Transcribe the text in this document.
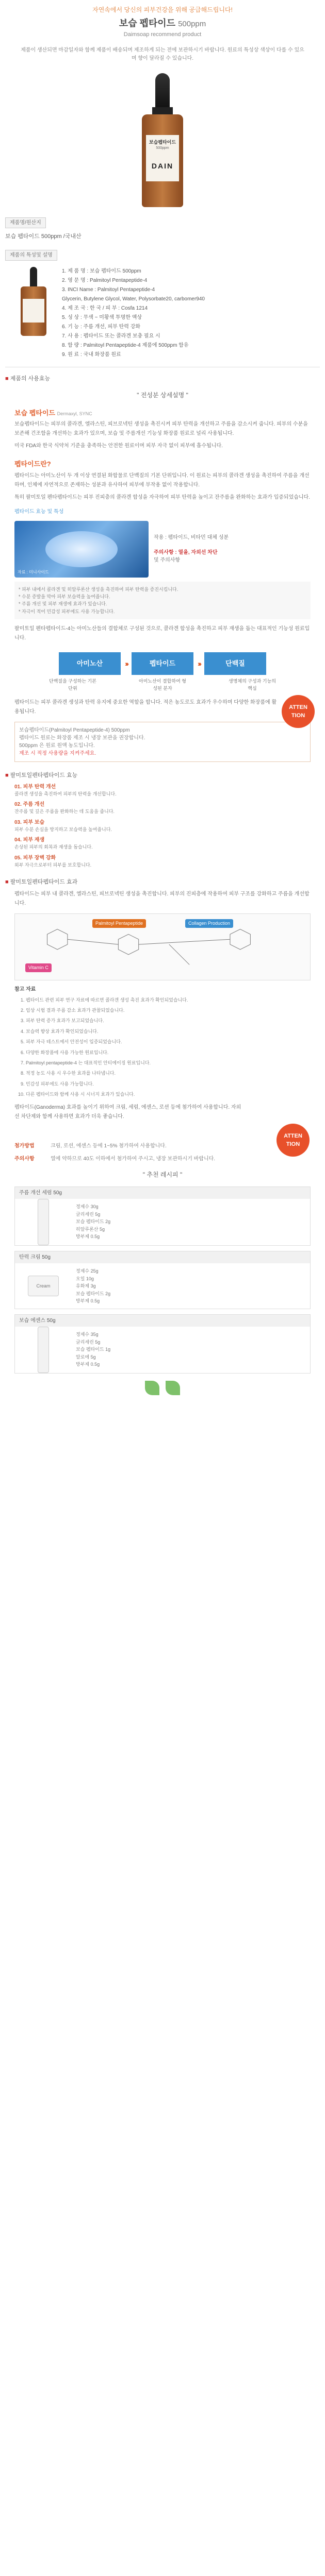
자연속에서 당신의 피부건강을 위해 공급해드립니다!
보습 펩타이드 500ppm
Daimsoap recommend product
제품이 생산되면 마감일자와 함께 제품이 배송되며 제조하게 되는 전에 보관하시기 바랍니다. 원료의 특성상 색상이 다를 수 있으며 향이 달라질 수 있습니다.
보습펩타이드
500ppm
DAIN
제품명/원산지
보습 펩타이드 500ppm /국내산
제품의 특성및 설명
1. 제 품 명 : 보습 펩타이드 500ppm
2. 영 문 명 : Palmitoyl Pentapeptide-4
3. INCI Name : Palmitoyl Pentapeptide-4
Glycerin, Butylene Glycol, Water, Polysorbate20, carbomer940
4. 제 조 국 : 한 국 / 피 부 : Cosfa 1214
5. 성 상 : 무색 ~ 미황색 투명한 액상
6. 기 능 : 주름 개선, 피부 탄력 강화
7. 사 용 : 펩타이드 또는 콜라겐 보충 필요 시
8. 함 량 : Palmitoyl Pentapeptide-4 제품에 500ppm 함유
9. 원 료 : 국내 화장품 원료
■ 제품의 사용효능
" 전성분 상세설명 "
보습 펩타이드 Dermaxyl, SYNC

보습펩타이드는 피부의 콜라겐, 엘라스틴, 피브로넥틴 생성을 촉진시켜 피부 탄력을 개선하고 주름을 감소시켜 줍니다. 피부의 수분을 보존해 건조함을 개선하는 효과가 있으며, 보습 및 주름개선 기능성 화장품 원료로 널리 사용됩니다.

미국 FDA와 한국 식약처 기준을 충족하는 안전한 원료이며 피부 자극 없이 피부에 흡수됩니다.

펩타이드란?

펩타이드는 아미노산이 두 개 이상 연결된 화합물로 단백질의 기본 단위입니다. 이 원료는 피부의 콜라겐 생성을 촉진하여 주름을 개선하며, 인체에 자연적으로 존재하는 성분과 유사하여 피부에 부작용 없이 작용합니다.

특히 팔미토일 펜타펩타이드는 피부 진피층의 콜라겐 합성을 자극하여 피부 탄력을 높이고 잔주름을 완화하는 효과가 입증되었습니다.

펩타이드 효능 및 특성
자료 : 미니사이드
작용 : 펩타이드, 비타민 대체 성분
주의사항 : 열을, 자외선 차단
및 주의사항
* 피부 내에서 콜라겐 및 히알루론산 생성을 촉진하여 피부 탄력을 증진시킵니다.
* 수분 증발을 막아 피부 보습력을 높여줍니다.
* 주름 개선 및 피부 재생에 효과가 있습니다.
* 자극이 적어 민감성 피부에도 사용 가능합니다.

팔미토일 펜타펩타이드-4는 아미노산들의 결합체로 구성된 것으로, 콜라겐 합성을 촉진하고 피부 재생을 돕는 대표적인 기능성 원료입니다.

아미노산	›››	펩타이드	›››	단백질
단백질을 구성하는 기본 단위
아미노산이 결합하여 형성된 분자
생명체의 구성과 기능의 핵심

펩타이드는 피부 콜라겐 생성과 탄력 유지에 중요한 역할을 합니다. 적은 농도로도 효과가 우수하며 다양한 화장품에 활용됩니다.

ATTEN TION
보습펩타이드(Palmitoyl Pentapeptide-4) 500ppm
펩타이드 원료는 화장품 제조 시 냉장 보관을 권장합니다.
500ppm 은 원료 원액 농도입니다.
제조 시 적정 사용량을 지켜주세요.
■ 팔미토일펜타펩타이드 효능
01. 피부 탄력 개선
콜라겐 생성을 촉진하여 피부의 탄력을 개선합니다.
02. 주름 개선
잔주름 및 깊은 주름을 완화하는 데 도움을 줍니다.
03. 피부 보습
피부 수분 손실을 방지하고 보습력을 높여줍니다.
04. 피부 재생
손상된 피부의 회복과 재생을 돕습니다.
05. 피부 장벽 강화
외부 자극으로부터 피부를 보호합니다.
■ 팔미토일펜타펩타이드 효과

펩타이드는 피부 내 콜라겐, 엘라스틴, 피브로넥틴 생성을 촉진합니다. 피부의 진피층에 작용하여 피부 구조를 강화하고 주름을 개선합니다.

Palmitoyl Pentapeptide	Collagen Production
Vitamin C
참고 자료
1. 펩타이드 관련 피부 연구 자료에 따르면 콜라겐 생성 촉진 효과가 확인되었습니다.
2. 임상 시험 결과 주름 감소 효과가 관찰되었습니다.
3. 피부 탄력 증가 효과가 보고되었습니다.
4. 보습력 향상 효과가 확인되었습니다.
5. 피부 자극 테스트에서 안전성이 입증되었습니다.
6. 다양한 화장품에 사용 가능한 원료입니다.
7. Palmitoyl pentapeptide-4 는 대표적인 안티에이징 원료입니다.
8. 적정 농도 사용 시 우수한 효과를 나타냅니다.
9. 민감성 피부에도 사용 가능합니다.
10. 다른 펩타이드와 함께 사용 시 시너지 효과가 있습니다.

펩타이드(Ganoderma) 효과를 높이기 위하여 크림, 세럼, 에센스, 로션 등에 첨가하여 사용합니다. 자외선 차단제와 함께 사용하면 효과가 더욱 좋습니다.

ATTEN TION
첨가방법	크림, 로션, 에센스 등에 1~5% 첨가하여 사용합니다.
주의사항	열에 약하므로 40도 이하에서 첨가하여 주시고, 냉장 보관하시기 바랍니다.
" 추천 레시피 "
주름 개선 세럼 50g
정제수 30g
글리세린 5g
보습 펩타이드 2g
히알루론산 5g
방부제 0.5g
탄력 크림 50g
Cream
정제수 25g
오일 10g
유화제 3g
보습 펩타이드 2g
방부제 0.5g
보습 에센스 50g
정제수 35g
글리세린 5g
보습 펩타이드 1g
알로에 5g
방부제 0.5g
